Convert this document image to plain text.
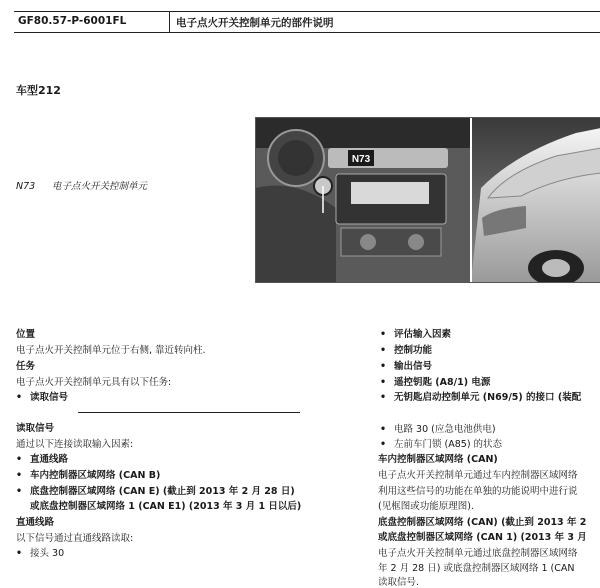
GF80.57-P-6001FL	电子点火开关控制单元的部件说明
车型212
N73
N73 电子点火开关控制单元
位置
电子点火开关控制单元位于右侧, 靠近转向柱.
任务
电子点火开关控制单元具有以下任务:
• 读取信号
读取信号
通过以下连接读取输入因素:
• 直通线路
• 车内控制器区域网络 (CAN B)
• 底盘控制器区域网络 (CAN E) (截止到 2013 年 2 月 28 日)
或底盘控制器区域网络 1 (CAN E1) (2013 年 3 月 1 日以后)
直通线路
以下信号通过直通线路读取:
• 接头 30
• 评估输入因素
• 控制功能
• 输出信号
• 遥控钥匙 (A8/1) 电源
• 无钥匙启动控制单元 (N69/5) 的接口 (装配
• 电路 30 (应急电池供电)
• 左前车门锁 (A85) 的状态
车内控制器区域网络 (CAN)
电子点火开关控制单元通过车内控制器区域网络
利用这些信号的功能在单独的功能说明中进行说
(见框图或功能原理图).
底盘控制器区域网络 (CAN) (截止到 2013 年 2
或底盘控制器区域网络 (CAN 1) (2013 年 3 月
电子点火开关控制单元通过底盘控制器区域网络
年 2 月 28 日) 或底盘控制器区域网络 1 (CAN
读取信号.
